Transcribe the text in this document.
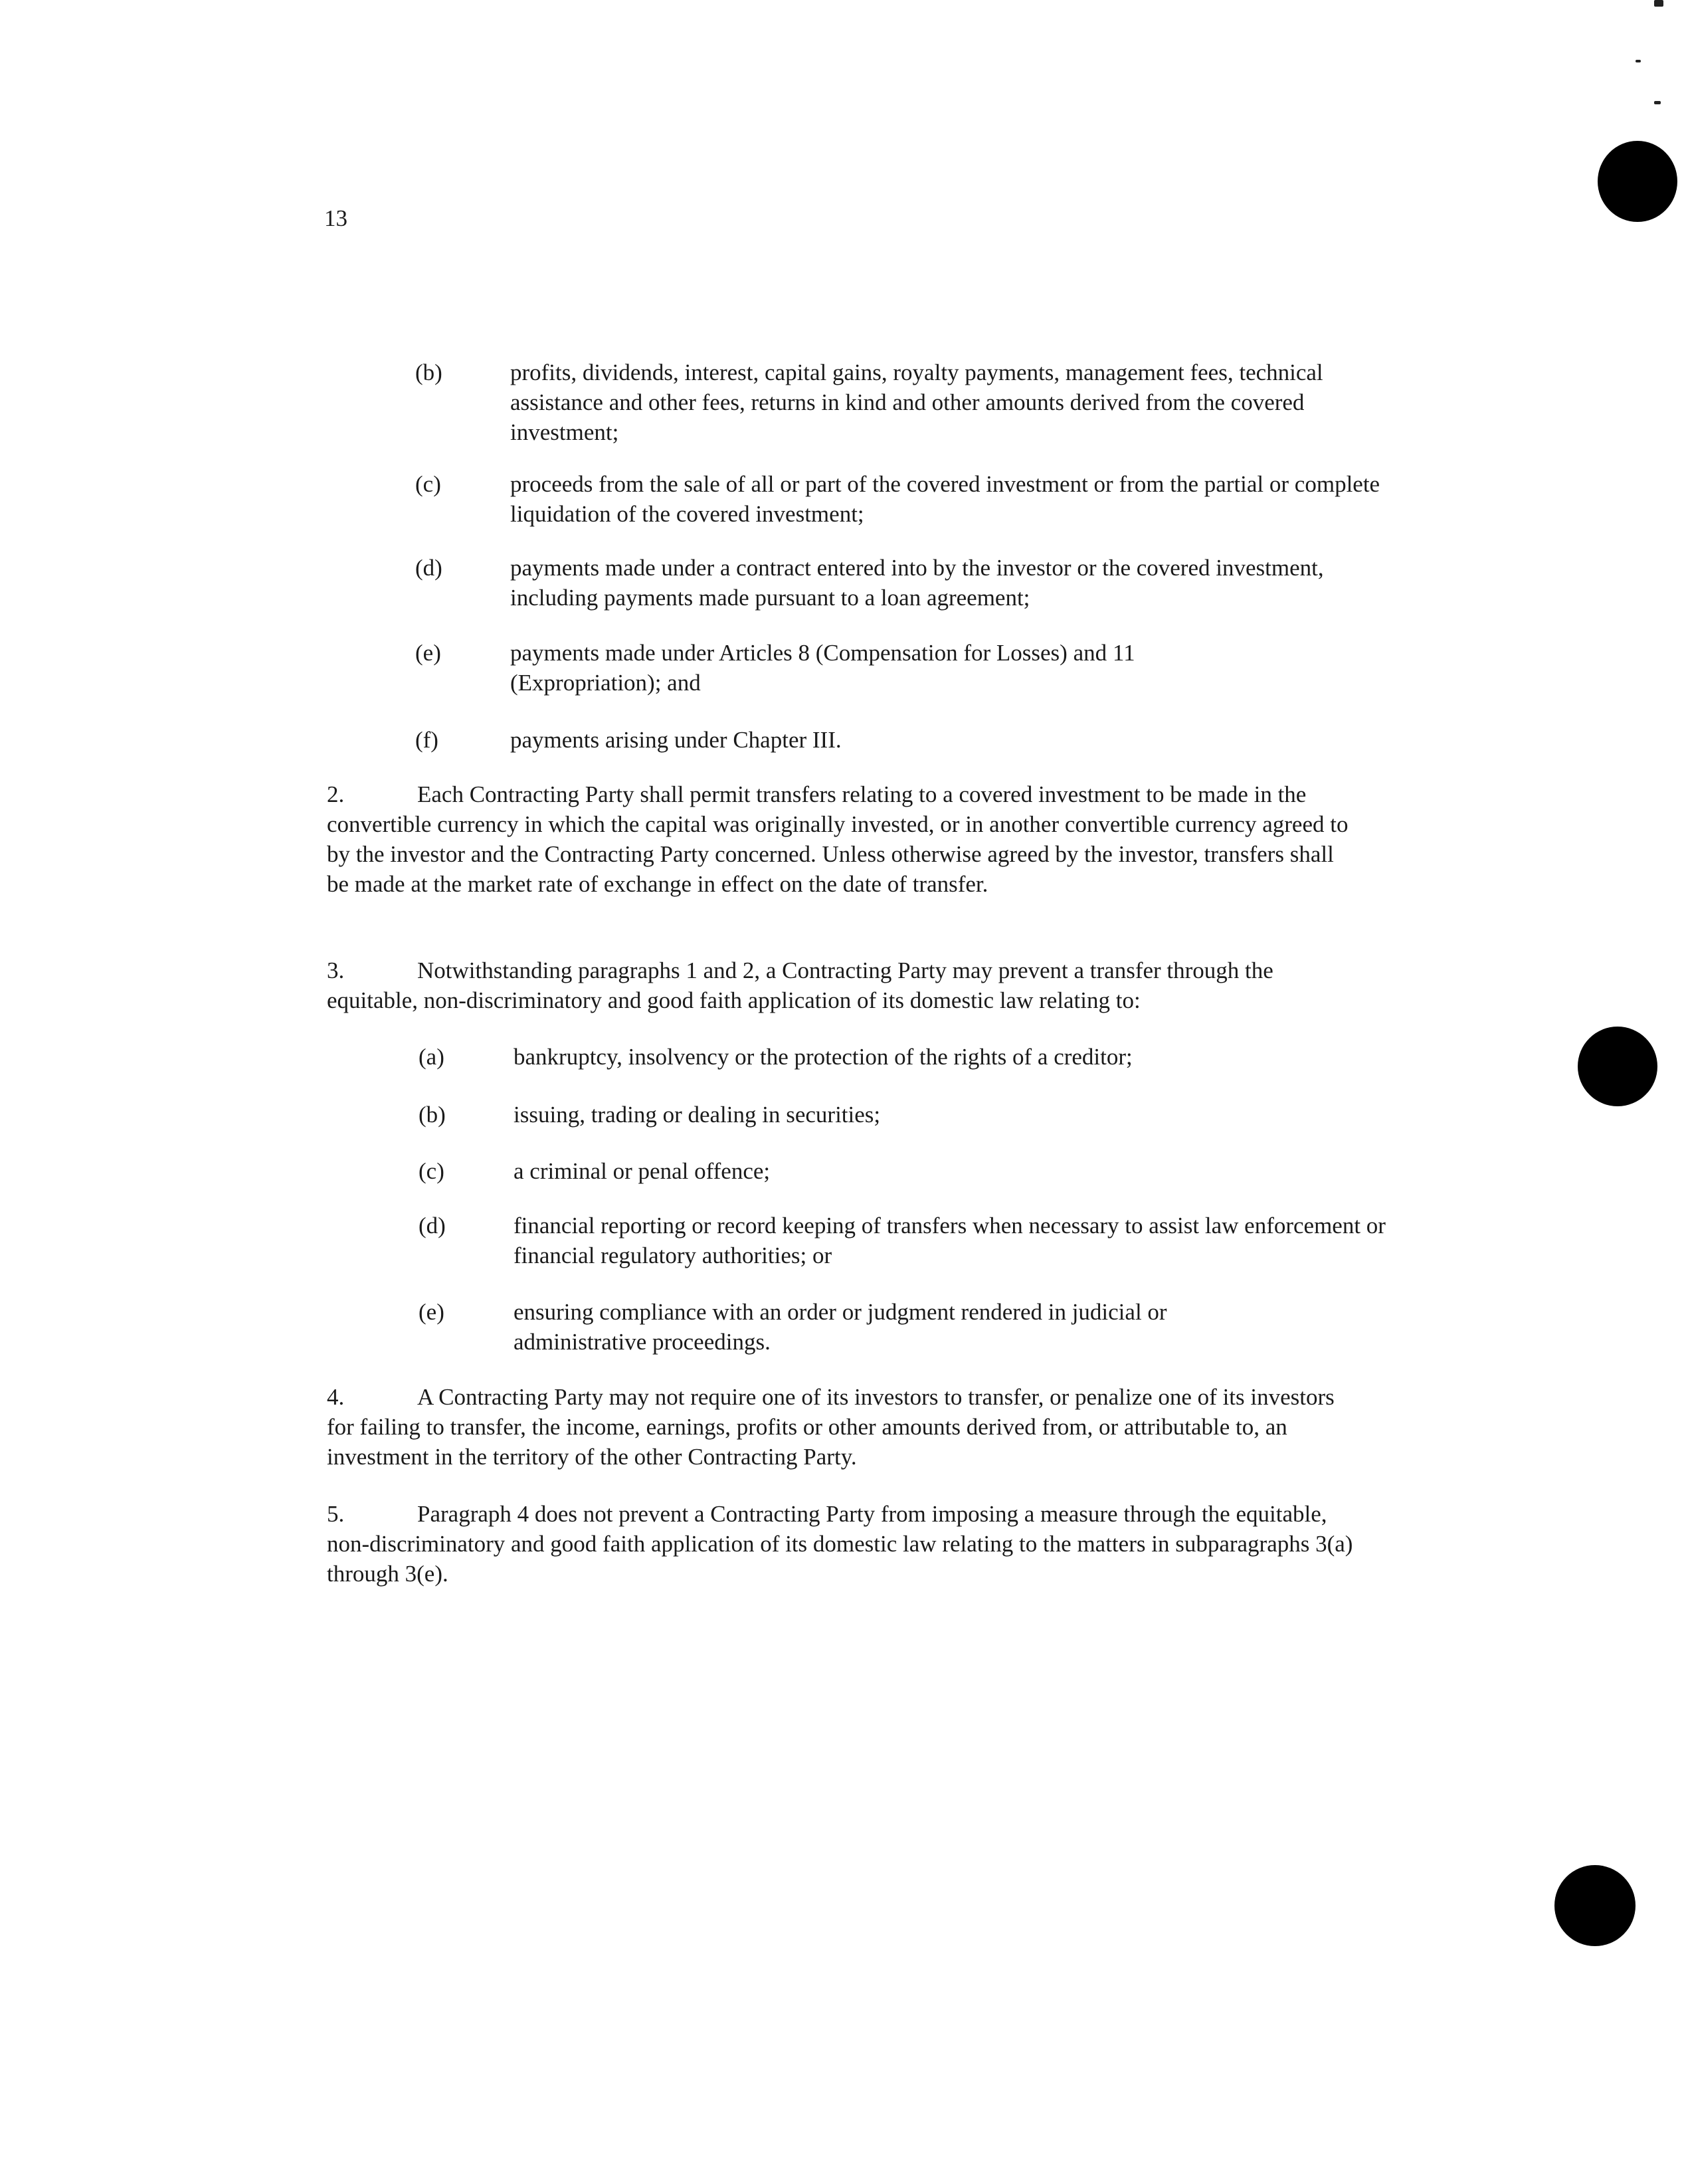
13
(b)	profits, dividends, interest, capital gains, royalty payments, management fees, technical assistance and other fees, returns in kind and other amounts derived from the covered investment;
(c)	proceeds from the sale of all or part of the covered investment or from the partial or complete liquidation of the covered investment;
(d)	payments made under a contract entered into by the investor or the covered investment, including payments made pursuant to a loan agreement;
(e)	payments made under Articles 8 (Compensation for Losses) and 11 (Expropriation); and
(f)	payments arising under Chapter III.
2.	Each Contracting Party shall permit transfers relating to a covered investment to be made in the convertible currency in which the capital was originally invested, or in another convertible currency agreed to by the investor and the Contracting Party concerned. Unless otherwise agreed by the investor, transfers shall be made at the market rate of exchange in effect on the date of transfer.
3.	Notwithstanding paragraphs 1 and 2, a Contracting Party may prevent a transfer through the equitable, non-discriminatory and good faith application of its domestic law relating to:
(a)	bankruptcy, insolvency or the protection of the rights of a creditor;
(b)	issuing, trading or dealing in securities;
(c)	a criminal or penal offence;
(d)	financial reporting or record keeping of transfers when necessary to assist law enforcement or financial regulatory authorities; or
(e)	ensuring compliance with an order or judgment rendered in judicial or administrative proceedings.
4.	A Contracting Party may not require one of its investors to transfer, or penalize one of its investors for failing to transfer, the income, earnings, profits or other amounts derived from, or attributable to, an investment in the territory of the other Contracting Party.
5.	Paragraph 4 does not prevent a Contracting Party from imposing a measure through the equitable, non-discriminatory and good faith application of its domestic law relating to the matters in subparagraphs 3(a) through 3(e).
